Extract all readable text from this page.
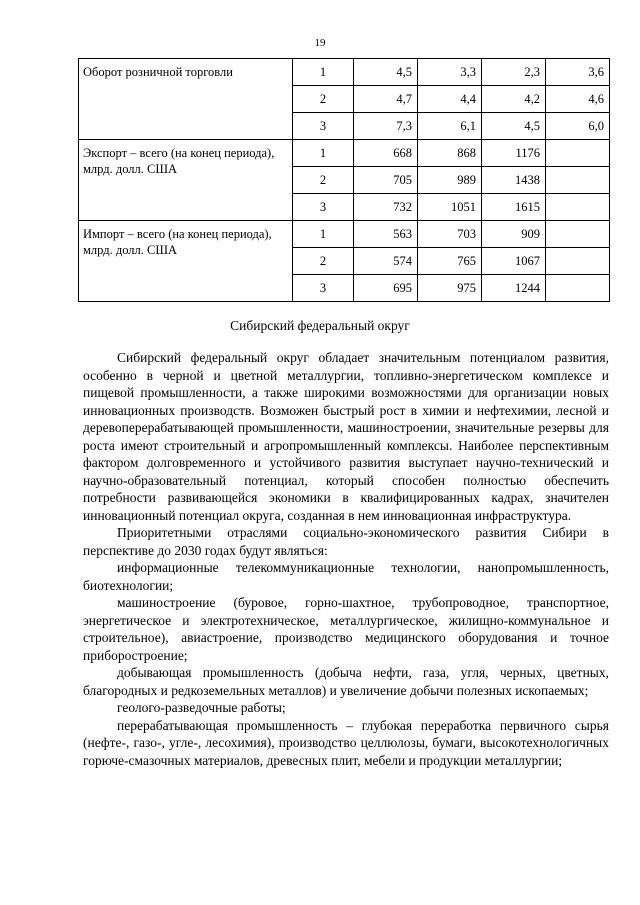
19
Оборот розничной торговли	1	4,5	3,3	2,3	3,6
	2	4,7	4,4	4,2	4,6
	3	7,3	6,1	4,5	6,0
Экспорт – всего (на конец периода), млрд. долл. США	1	668	868	1176	
	2	705	989	1438	
	3	732	1051	1615	
Импорт – всего (на конец периода), млрд. долл. США	1	563	703	909	
	2	574	765	1067	
	3	695	975	1244	
Сибирский федеральный округ

Сибирский федеральный округ обладает значительным потенциалом развития, особенно в черной и цветной металлургии, топливно-энергетическом комплексе и пищевой промышленности, а также широкими возможностями для организации новых инновационных производств. Возможен быстрый рост в химии и нефтехимии, лесной и деревоперерабатывающей промышленности, машиностроении, значительные резервы для роста имеют строительный и агропромышленный комплексы. Наиболее перспективным фактором долговременного и устойчивого развития выступает научно-технический и научно-образовательный потенциал, который способен полностью обеспечить потребности развивающейся экономики в квалифицированных кадрах, значителен инновационный потенциал округа, созданная в нем инновационная инфраструктура.

Приоритетными отраслями социально-экономического развития Сибири в перспективе до 2030 годах будут являться:

информационные телекоммуникационные технологии, нанопромышленность, биотехнологии;

машиностроение (буровое, горно-шахтное, трубопроводное, транспортное, энергетическое и электротехническое, металлургическое, жилищно-коммунальное и строительное), авиастроение, производство медицинского оборудования и точное приборостроение;

добывающая промышленность (добыча нефти, газа, угля, черных, цветных, благородных и редкоземельных металлов) и увеличение добычи полезных ископаемых;

геолого-разведочные работы;

перерабатывающая промышленность – глубокая переработка первичного сырья (нефте-, газо-, угле-, лесохимия), производство целлюлозы, бумаги, высокотехнологичных горюче-смазочных материалов, древесных плит, мебели и продукции металлургии;
